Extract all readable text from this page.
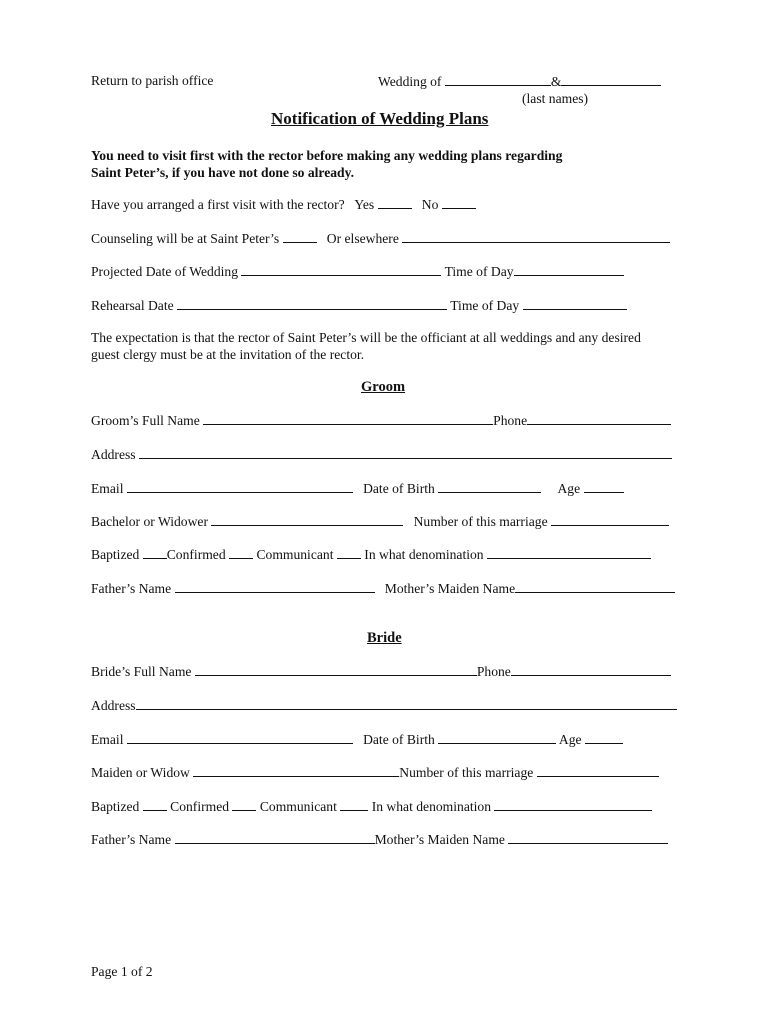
Return to parish office	Wedding of	&
(last names)
Notification of Wedding Plans
You need to visit first with the rector before making any wedding plans regarding
Saint Peter’s, if you have not done so already.
Have you arranged a first visit with the rector? Yes	No
Counseling will be at Saint Peter’s	Or elsewhere
Projected Date of Wedding	Time of Day
Rehearsal Date	Time of Day
The expectation is that the rector of Saint Peter’s will be the officiant at all weddings and any desired
guest clergy must be at the invitation of the rector.
Groom
Groom’s Full Name	Phone
Address
Email	Date of Birth	Age
Bachelor or Widower	Number of this marriage
Baptized Confirmed Communicant In what denomination
Father’s Name	Mother’s Maiden Name
Bride
Bride’s Full Name	Phone
Address
Email	Date of Birth	Age
Maiden or Widow	Number of this marriage
Baptized Confirmed Communicant	In what denomination
Father’s Name	Mother’s Maiden Name
Page 1 of 2
